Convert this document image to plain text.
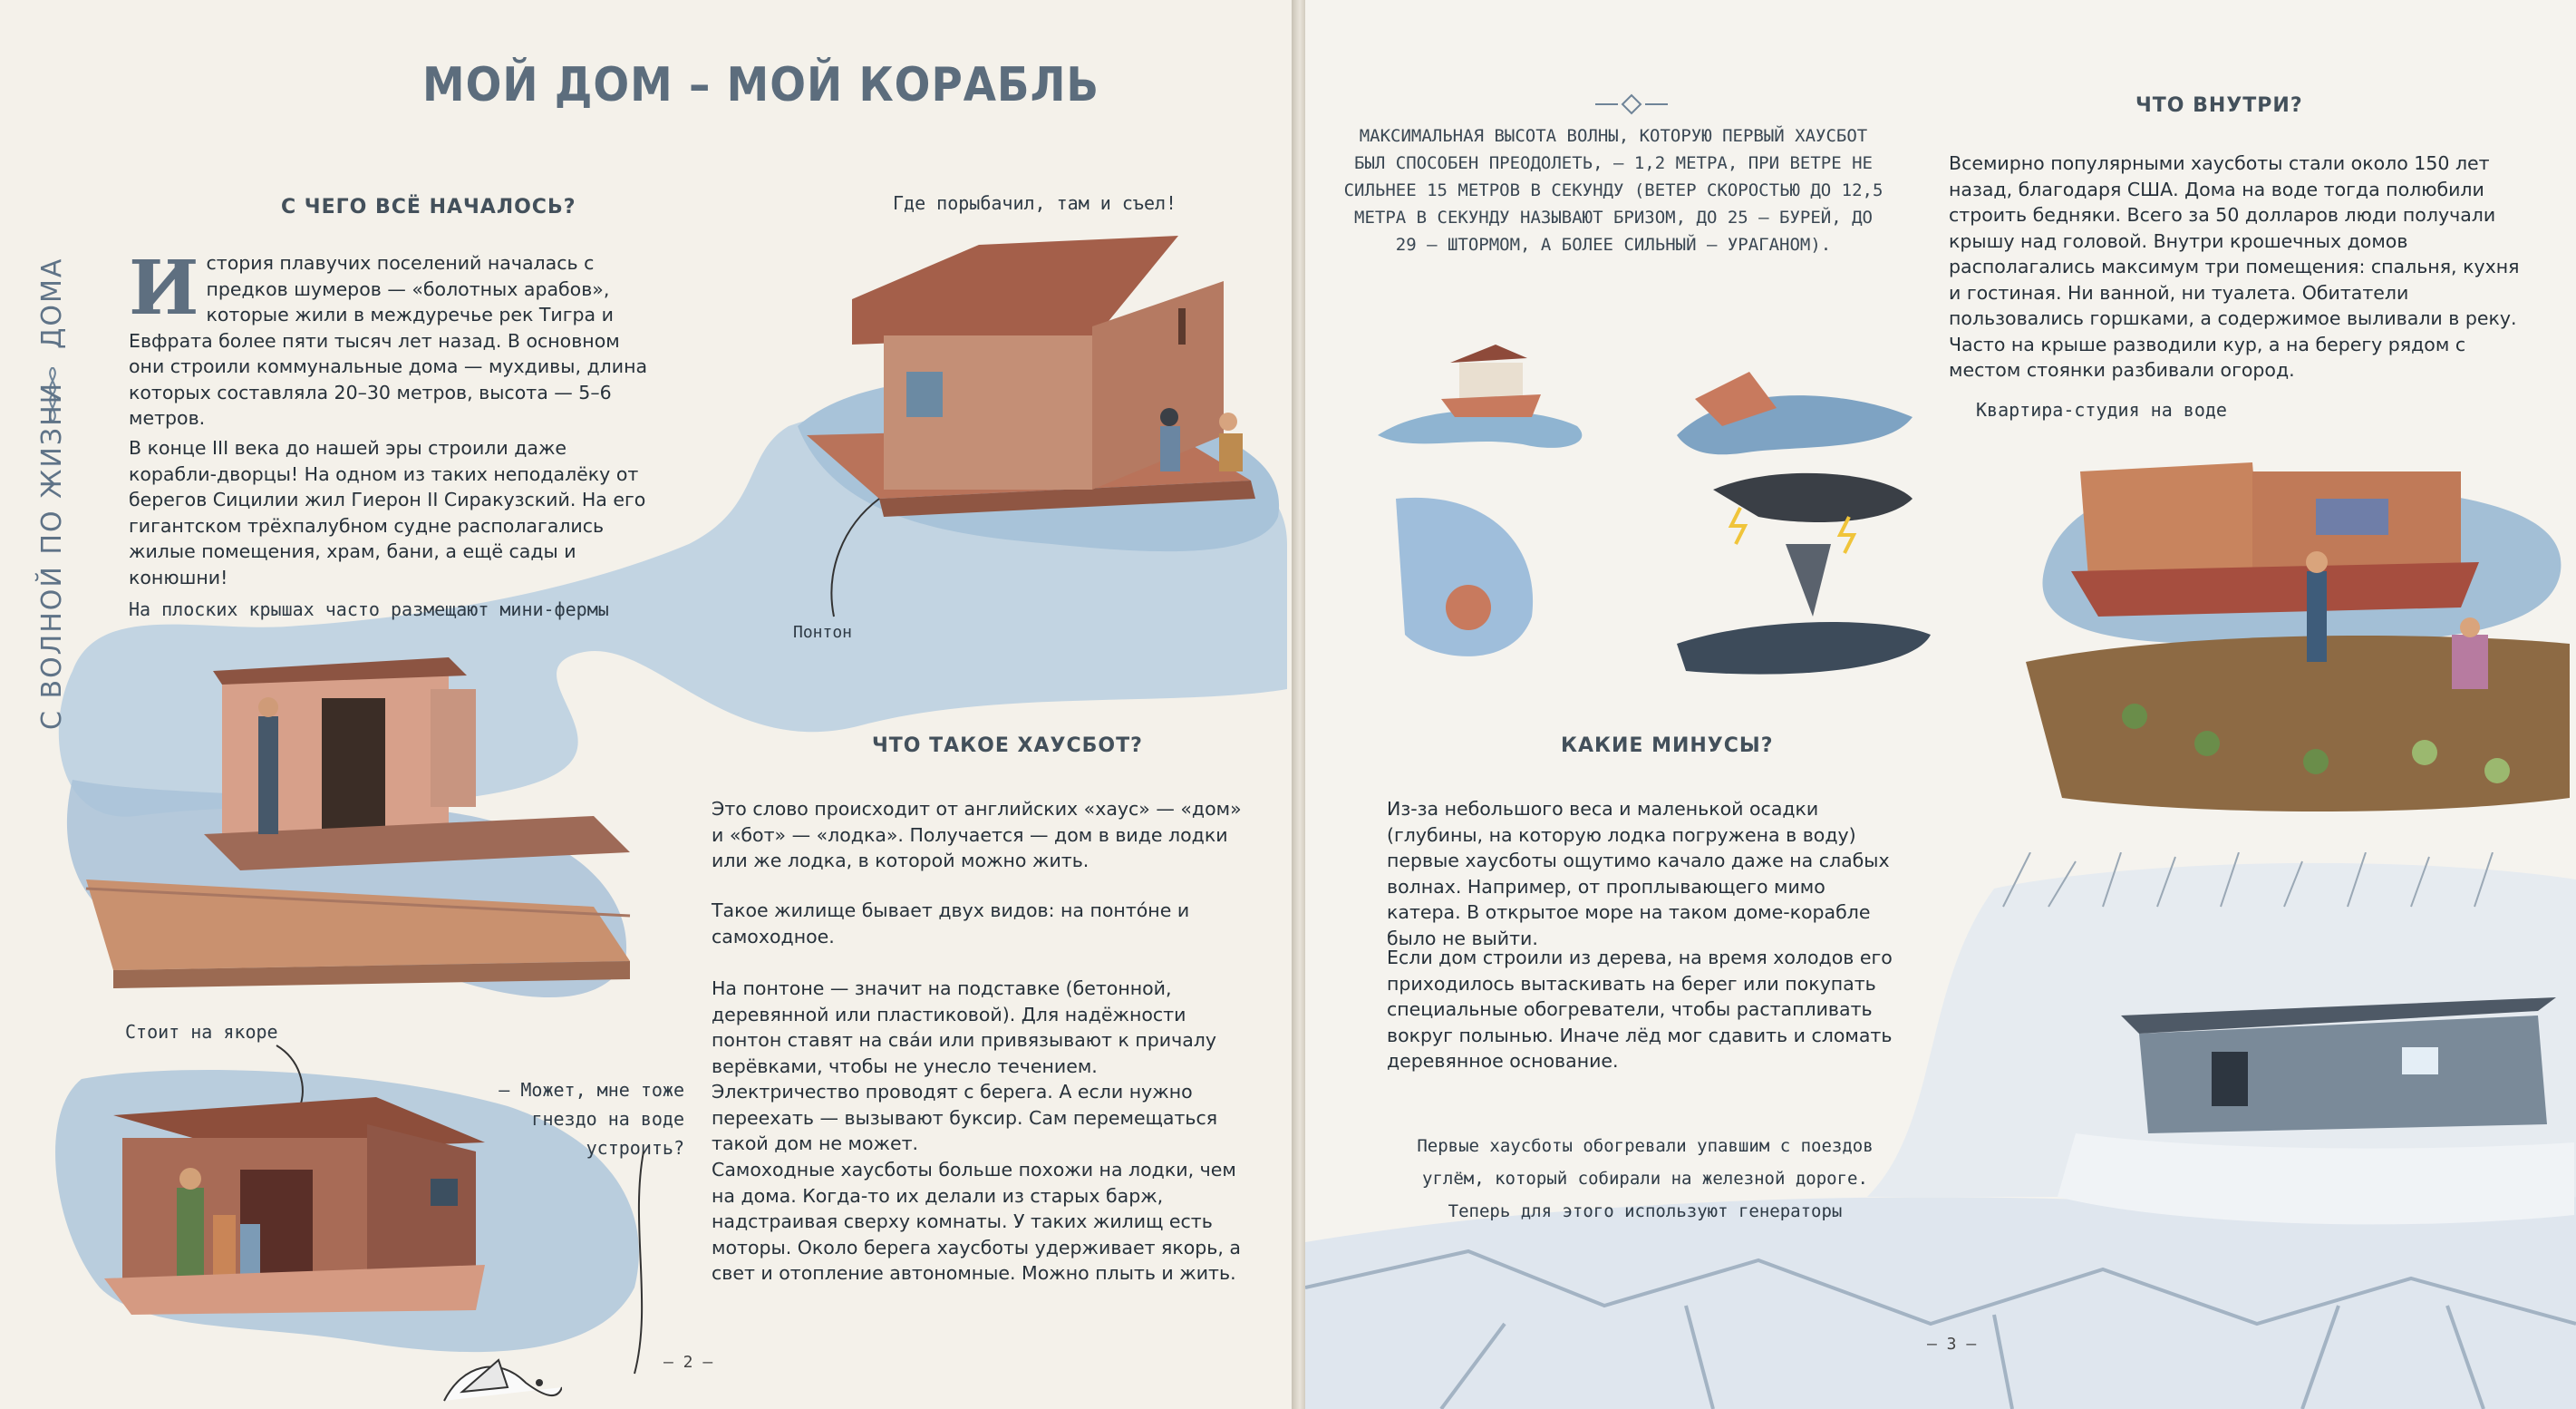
МОЙ ДОМ – МОЙ КОРАБЛЬ
ДОМА
С ВОЛНОЙ ПО ЖИЗНИ
С ЧЕГО ВСЁ НАЧАЛОСЬ?
И стория плавучих поселений началась с предков шумеров — «болотных арабов», которые жили в междуречье рек Тигра и Евфрата более пяти тысяч лет назад. В основном они строили коммунальные дома — мухдивы, длина которых составляла 20–30 метров, высота — 5–6 метров.
В конце III века до нашей эры строили даже корабли-дворцы! На одном из таких неподалёку от берегов Сицилии жил Гиерон II Сиракузский. На его гигантском трёхпалубном судне располагались жилые помещения, храм, бани, а ещё сады и конюшни!
На плоских крышах часто размещают мини-фермы
Где порыбачил, там и съел!
Понтон
Стоит на якоре
— Может, мне тоже гнездо на воде устроить?
ЧТО ТАКОЕ ХАУСБОТ?
Это слово происходит от английских «хаус» — «дом» и «бот» — «лодка». Получается — дом в виде лодки или же лодка, в которой можно жить.
Такое жилище бывает двух видов: на понтóне и самоходное.
На понтоне — значит на подставке (бетонной, деревянной или пластиковой). Для надёжности понтон ставят на свáи или привязывают к причалу верёвками, чтобы не унесло течением. Электричество проводят с берега. А если нужно переехать — вызывают буксир. Сам перемещаться такой дом не может.
Самоходные хаусботы больше похожи на лодки, чем на дома. Когда-то их делали из старых барж, надстраивая сверху комнаты. У таких жилищ есть моторы. Около берега хаусботы удерживает якорь, а свет и отопление автономные. Можно плыть и жить.
– 2 –
МАКСИМАЛЬНАЯ ВЫСОТА ВОЛНЫ, КОТОРУЮ ПЕРВЫЙ ХАУСБОТ БЫЛ СПОСОБЕН ПРЕОДОЛЕТЬ, – 1,2 МЕТРА, ПРИ ВЕТРЕ НЕ СИЛЬНЕЕ 15 МЕТРОВ В СЕКУНДУ (ВЕТЕР СКОРОСТЬЮ ДО 12,5 МЕТРА В СЕКУНДУ НАЗЫВАЮТ БРИЗОМ, ДО 25 – БУРЕЙ, ДО 29 – ШТОРМОМ, А БОЛЕЕ СИЛЬНЫЙ – УРАГАНОМ).
ЧТО ВНУТРИ?
Всемирно популярными хаусботы стали около 150 лет назад, благодаря США. Дома на воде тогда полюбили строить бедняки. Всего за 50 долларов люди получали крышу над головой. Внутри крошечных домов располагались максимум три помещения: спальня, кухня и гостиная. Ни ванной, ни туалета. Обитатели пользовались горшками, а содержимое выливали в реку. Часто на крыше разводили кур, а на берегу рядом с местом стоянки разбивали огород.
Квартира-студия на воде
КАКИЕ МИНУСЫ?
Из-за небольшого веса и маленькой осадки (глубины, на которую лодка погружена в воду) первые хаусботы ощутимо качало даже на слабых волнах. Например, от проплывающего мимо катера. В открытое море на таком доме-корабле было не выйти.
Если дом строили из дерева, на время холодов его приходилось вытаскивать на берег или покупать специальные обогреватели, чтобы растапливать вокруг полынью. Иначе лёд мог сдавить и сломать деревянное основание.
Первые хаусботы обогревали упавшим с поездов углём, который собирали на железной дороге. Теперь для этого используют генераторы
– 3 –
